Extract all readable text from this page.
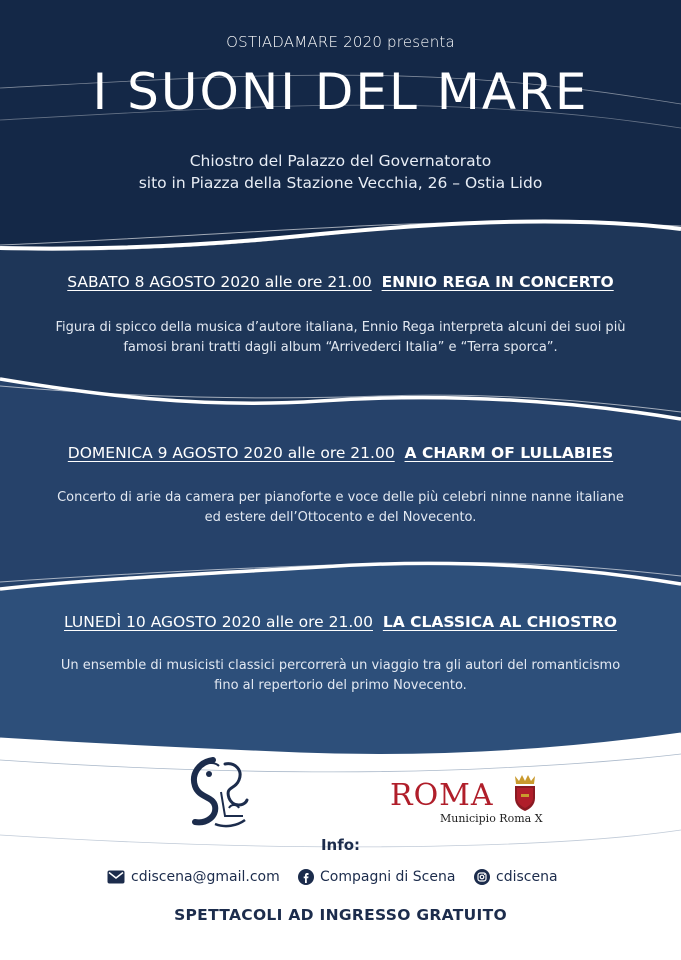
OSTIADAMARE 2020 presenta
I SUONI DEL MARE
Chiostro del Palazzo del Governatorato
sito in Piazza della Stazione Vecchia, 26 – Ostia Lido
SABATO 8 AGOSTO 2020 alle ore 21.00 ENNIO REGA IN CONCERTO
Figura di spicco della musica d’autore italiana, Ennio Rega interpreta alcuni dei suoi più
famosi brani tratti dagli album “Arrivederci Italia” e “Terra sporca”.
DOMENICA 9 AGOSTO 2020 alle ore 21.00 A CHARM OF LULLABIES
Concerto di arie da camera per pianoforte e voce delle più celebri ninne nanne italiane
ed estere dell’Ottocento e del Novecento.
LUNEDÌ 10 AGOSTO 2020 alle ore 21.00 LA CLASSICA AL CHIOSTRO
Un ensemble di musicisti classici percorrerà un viaggio tra gli autori del romanticismo
fino al repertorio del primo Novecento.
ROMA
Municipio Roma X
Info:
cdiscena@gmail.com	Compagni di Scena	cdiscena
SPETTACOLI AD INGRESSO GRATUITO
